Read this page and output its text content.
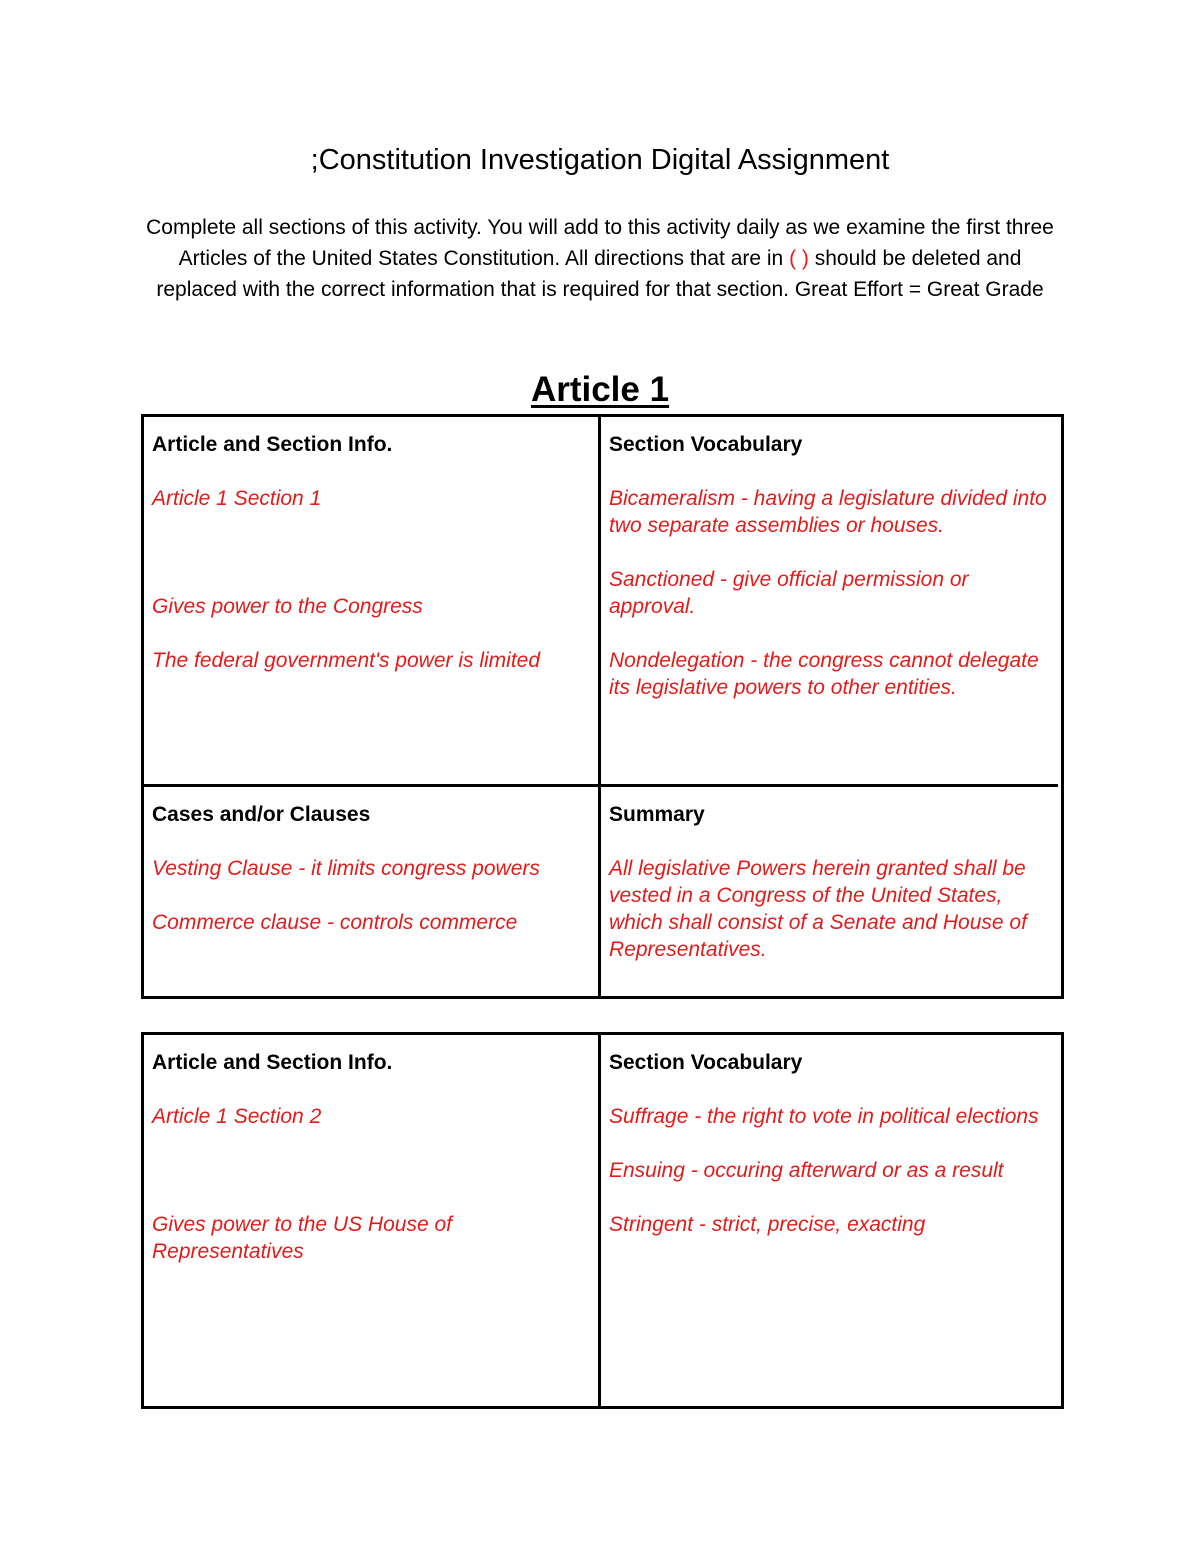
;Constitution Investigation Digital Assignment

Complete all sections of this activity. You will add to this activity daily as we examine the first three Articles of the United States Constitution. All directions that are in ( ) should be deleted and replaced with the correct information that is required for that section. Great Effort = Great Grade

Article 1

Article and Section Info.

Article 1 Section 1

Gives power to the Congress

The federal government's power is limited

Section Vocabulary

Bicameralism - having a legislature divided into two separate assemblies or houses.

Sanctioned - give official permission or approval.

Nondelegation - the congress cannot delegate its legislative powers to other entities.

Cases and/or Clauses

Vesting Clause - it limits congress powers

Commerce clause - controls commerce

Summary

All legislative Powers herein granted shall be vested in a Congress of the United States, which shall consist of a Senate and House of Representatives.

Article and Section Info.

Article 1 Section 2

Gives power to the US House of Representatives

Section Vocabulary

Suffrage - the right to vote in political elections

Ensuing - occuring afterward or as a result

Stringent - strict, precise, exacting
